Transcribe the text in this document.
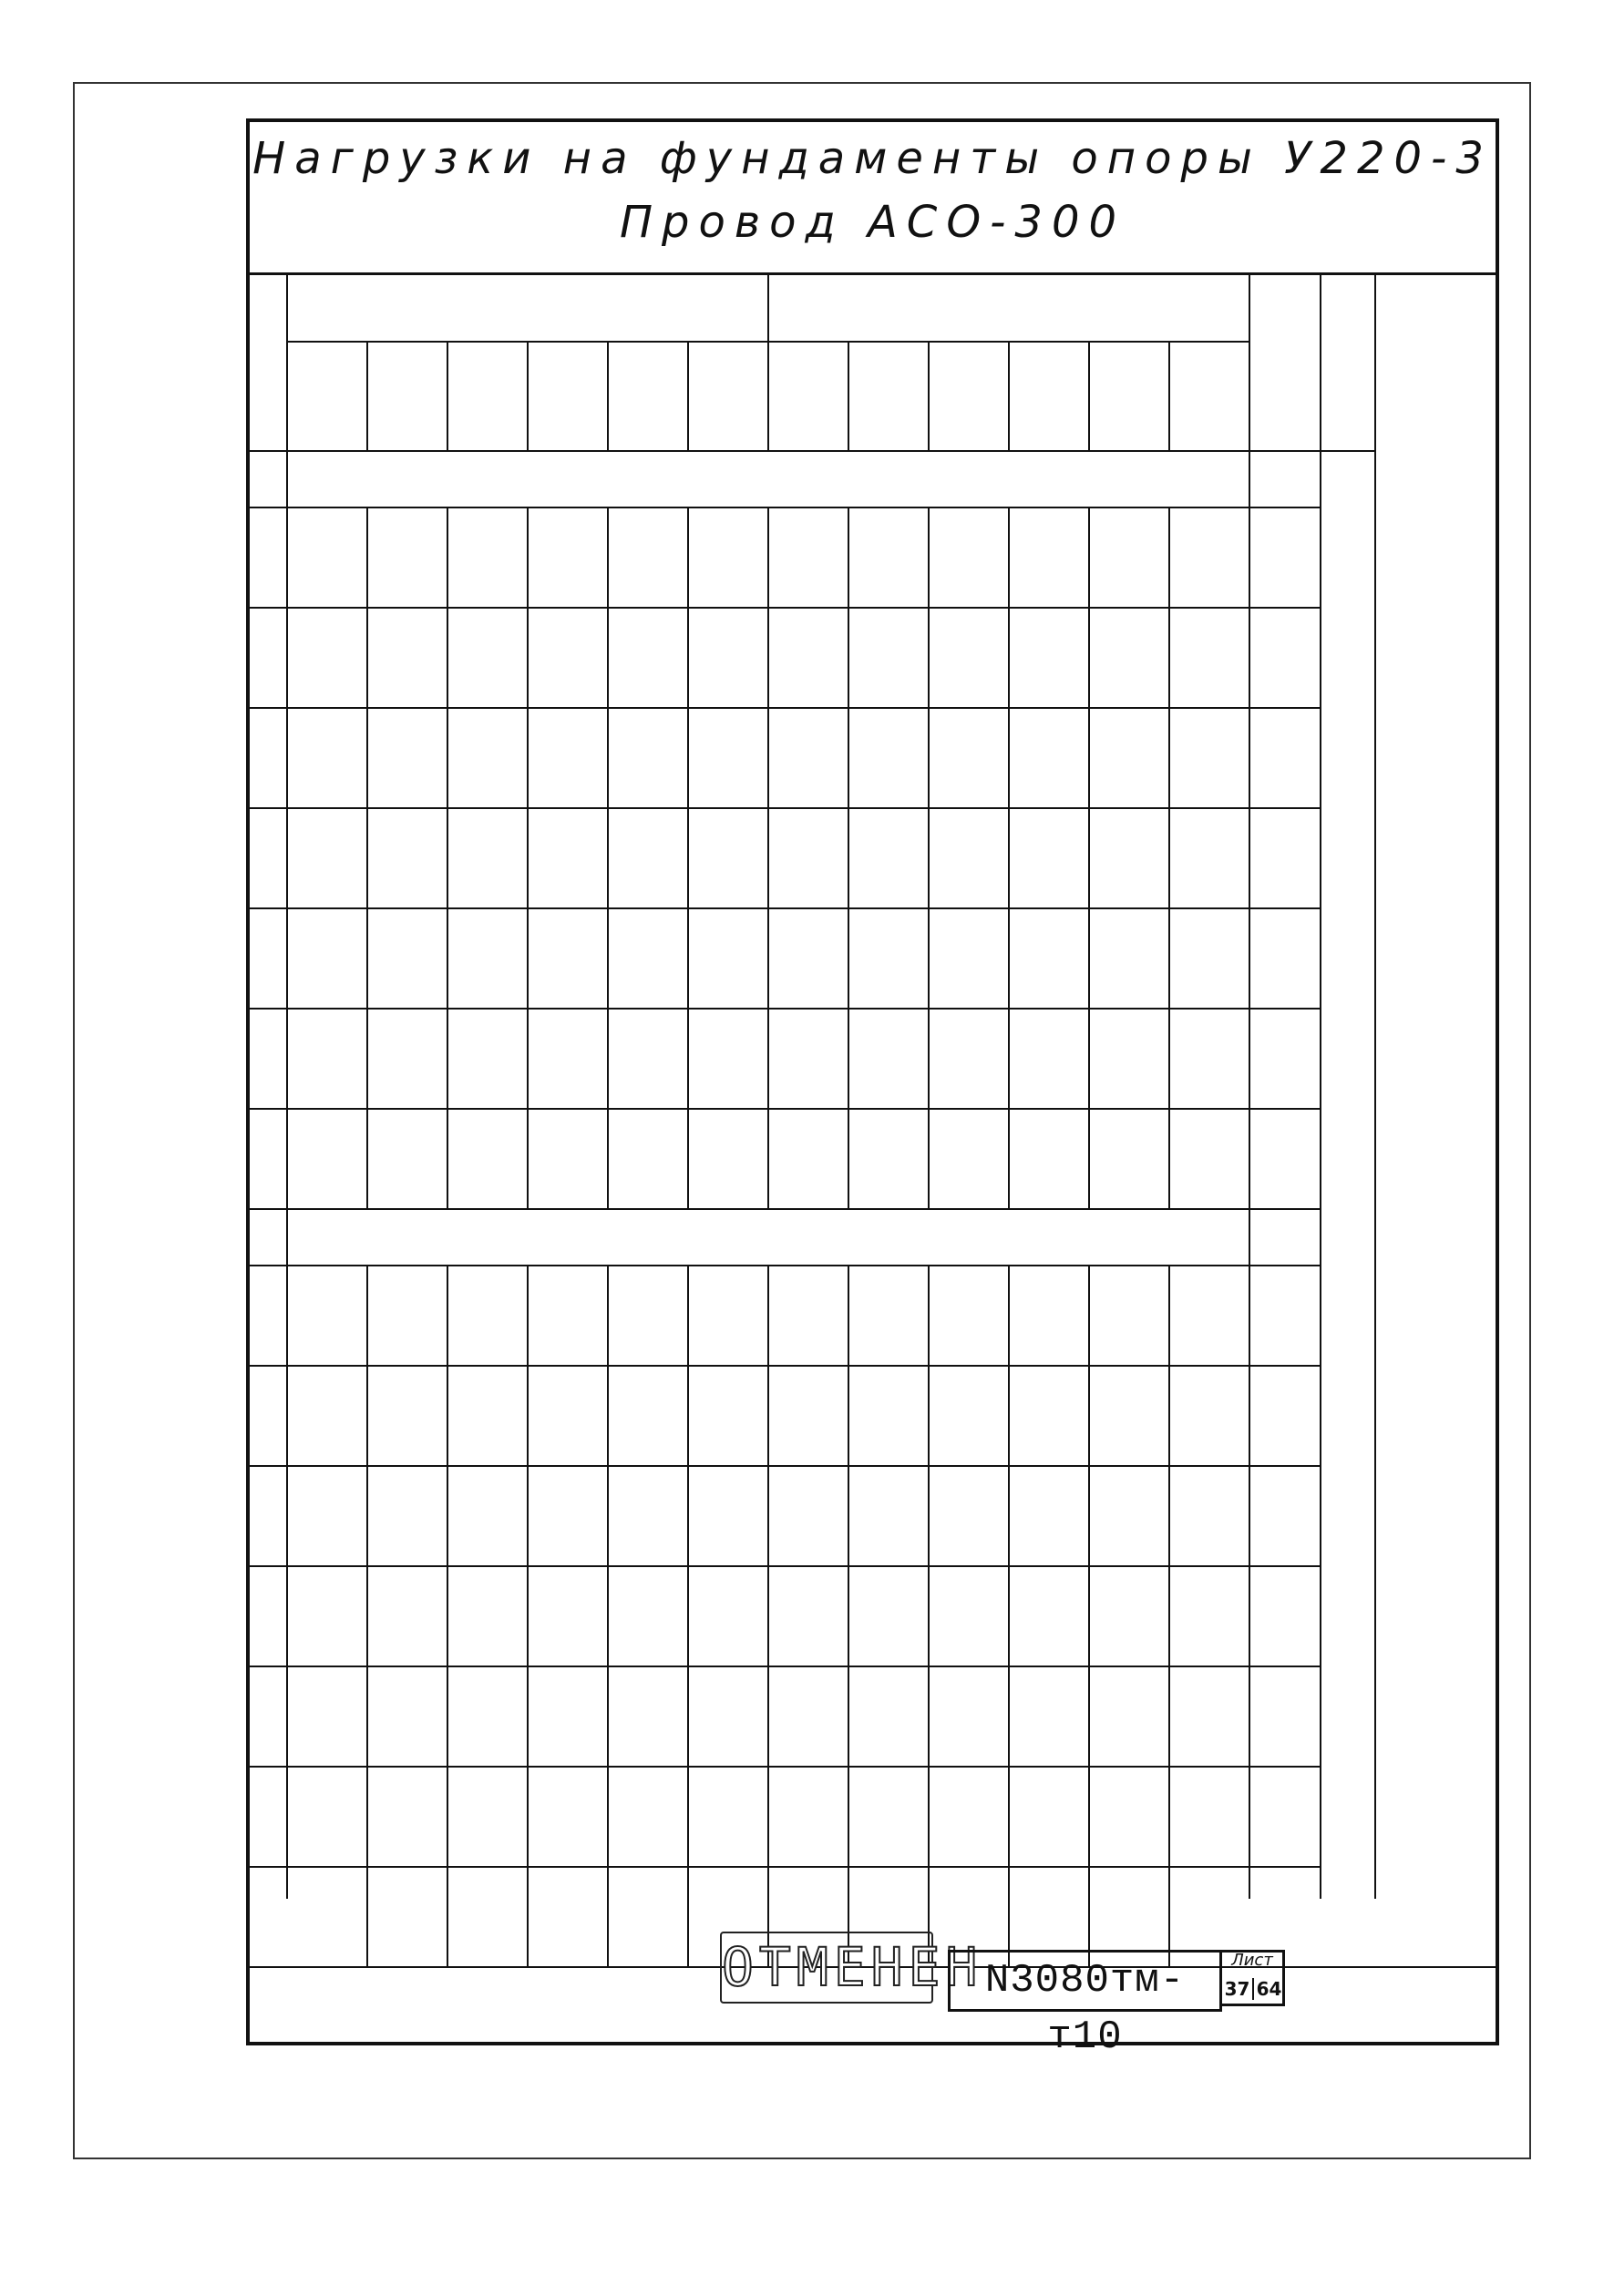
Нагрузки на фундаменты опоры У220-3
Провод АСО-300
ОТМЕНЕН N3080тм-т10
Лист
37 64
